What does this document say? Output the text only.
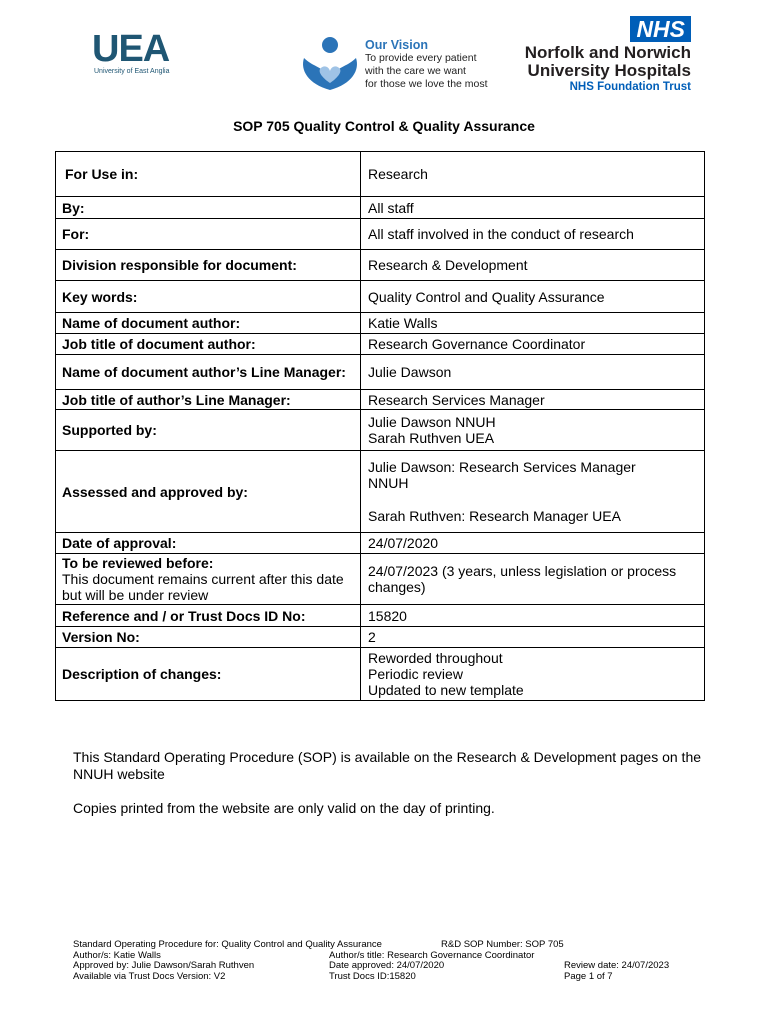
UEA
University of East Anglia
Our Vision
To provide every patient
with the care we want
for those we love the most
NHS
Norfolk and Norwich
University Hospitals
NHS Foundation Trust
SOP 705 Quality Control & Quality Assurance
For Use in:	Research
By:	All staff
For:	All staff involved in the conduct of research
Division responsible for document:	Research & Development
Key words:	Quality Control and Quality Assurance
Name of document author:	Katie Walls
Job title of document author:	Research Governance Coordinator
Name of document author’s Line Manager:	Julie Dawson
Job title of author’s Line Manager:	Research Services Manager
Supported by:	Julie Dawson NNUH
Sarah Ruthven UEA

Assessed and approved by:	Julie Dawson: Research Services Manager NNUH
Sarah Ruthven: Research Manager UEA

Date of approval:	24/07/2020

To be reviewed before:
This document remains current after this date but will be under review	24/07/2023 (3 years, unless legislation or process changes)
Reference and / or Trust Docs ID No:	15820
Version No:	2
Description of changes:	Reworded throughout
Periodic review
Updated to new template
This Standard Operating Procedure (SOP) is available on the Research & Development pages on the NNUH website
Copies printed from the website are only valid on the day of printing.
Standard Operating Procedure for: Quality Control and Quality Assurance	R&D SOP Number: SOP 705
Author/s: Katie Walls	Author/s title: Research Governance Coordinator
Approved by: Julie Dawson/Sarah Ruthven	Date approved: 24/07/2020	Review date: 24/07/2023
Available via Trust Docs Version: V2	Trust Docs ID:15820	Page 1 of 7
